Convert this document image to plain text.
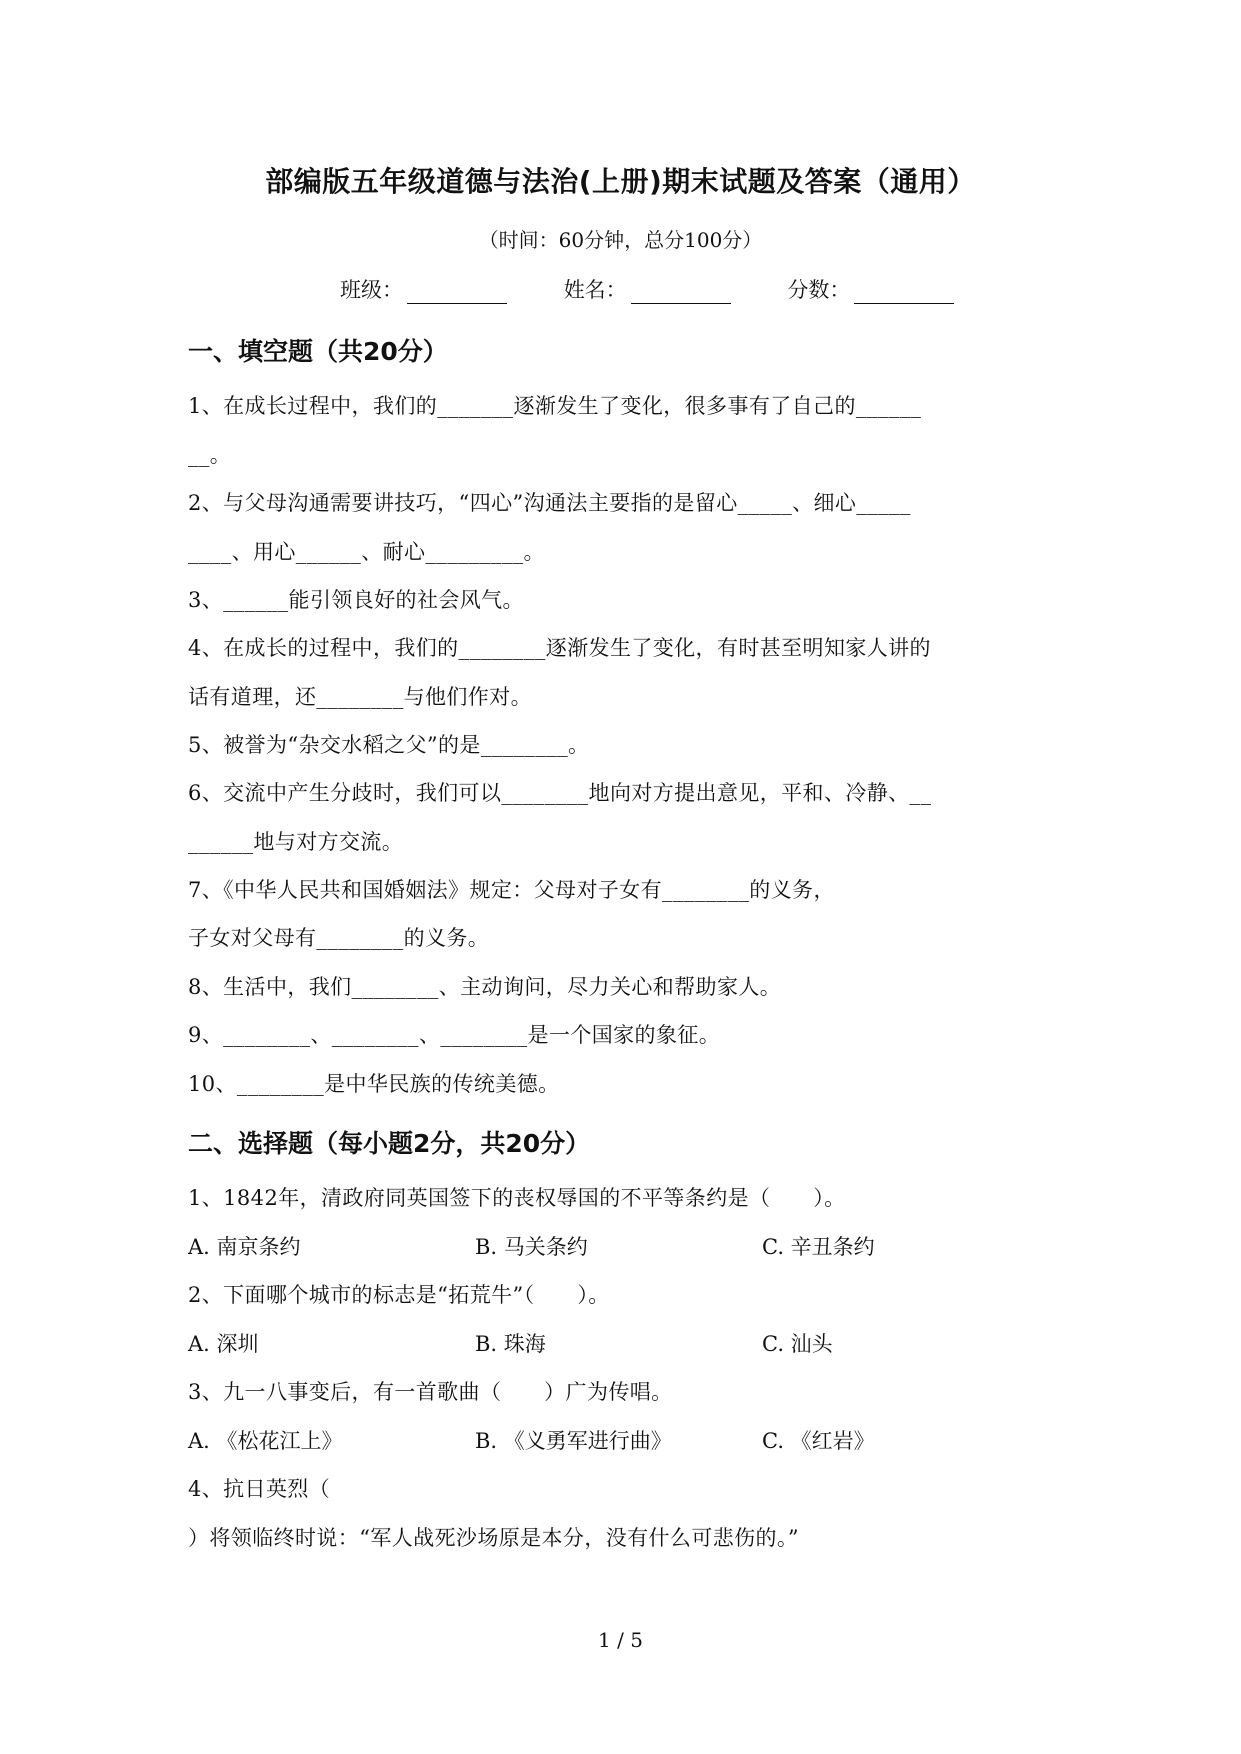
部编版五年级道德与法治(上册)期末试题及答案（通用）
（时间：60分钟，总分100分）
班级：	姓名：	分数：
一、填空题（共20分）
1、在成长过程中，我们的_______逐渐发生了变化，很多事有了自己的______
__。
2、与父母沟通需要讲技巧，“四心”沟通法主要指的是留心_____、细心_____
____、用心______、耐心_________。
3、______能引领良好的社会风气。
4、在成长的过程中，我们的________逐渐发生了变化，有时甚至明知家人讲的
话有道理，还________与他们作对。
5、被誉为“杂交水稻之父”的是________。
6、交流中产生分歧时，我们可以________地向对方提出意见，平和、冷静、__
______地与对方交流。
7、《中华人民共和国婚姻法》规定：父母对子女有________的义务，
子女对父母有________的义务。
8、生活中，我们________、主动询问，尽力关心和帮助家人。
9、________、________、________是一个国家的象征。
10、________是中华民族的传统美德。
二、选择题（每小题2分，共20分）
1、1842年，清政府同英国签下的丧权辱国的不平等条约是（　　）。
A. 南京条约	B. 马关条约	C. 辛丑条约
2、下面哪个城市的标志是“拓荒牛”（　　）。
A. 深圳	B. 珠海	C. 汕头
3、九一八事变后，有一首歌曲（　　）广为传唱。
A. 《松花江上》	B. 《义勇军进行曲》	C. 《红岩》
4、抗日英烈（
）将领临终时说：“军人战死沙场原是本分，没有什么可悲伤的。”
1 / 5
